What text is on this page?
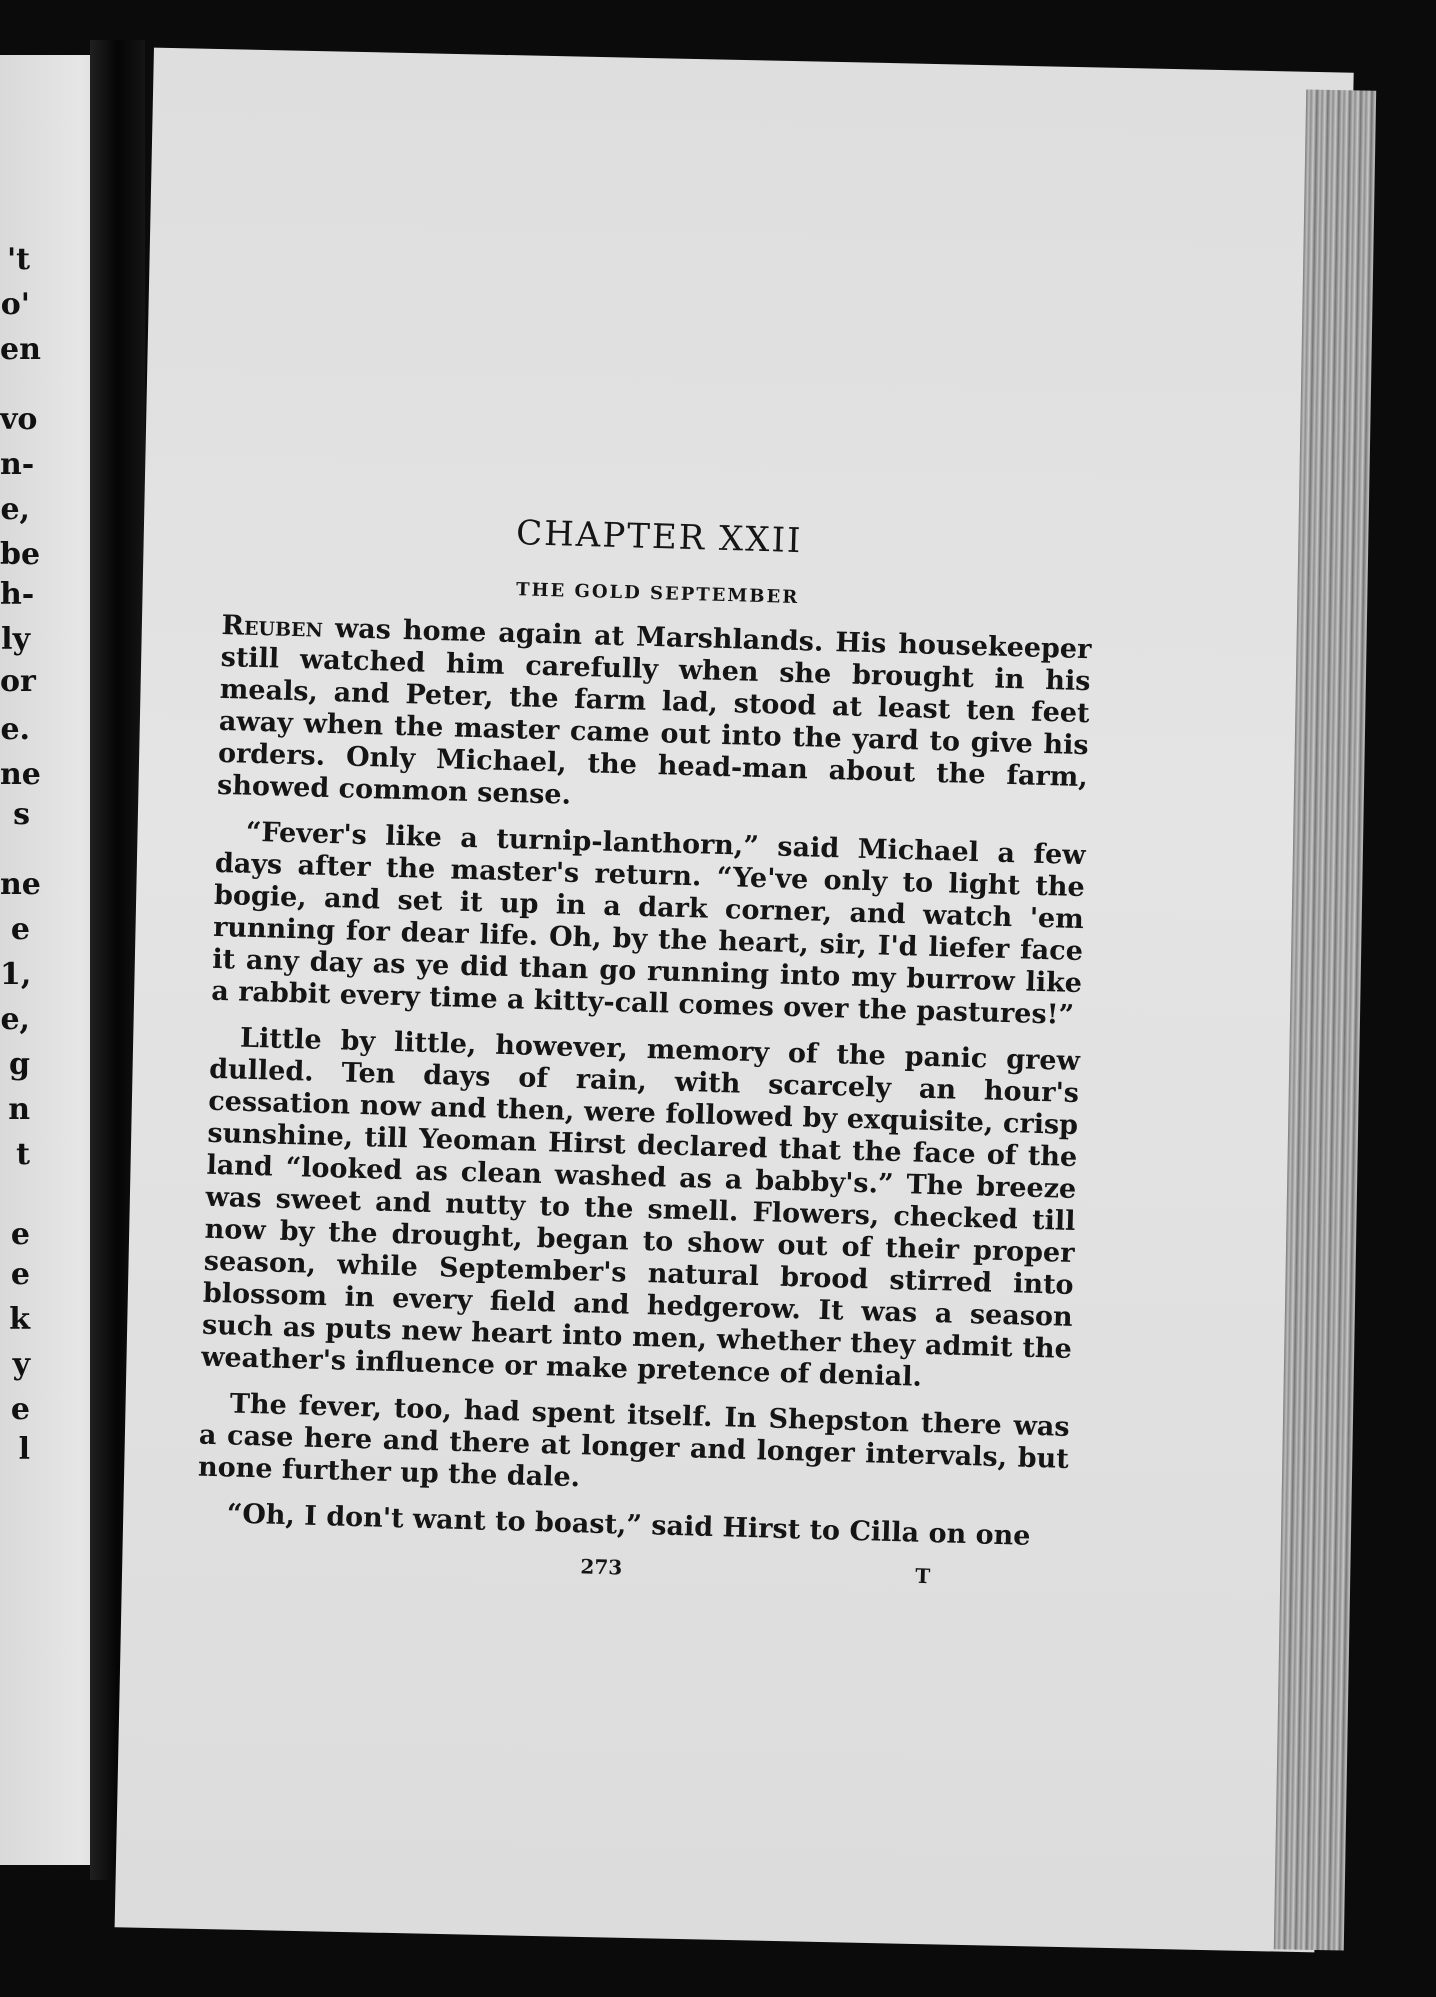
't
o'
en
vo
n-
e,
be
h-
ly
or
e.
ne
s
ne
e
1,
e,
g
n
t
e
e
k
y
e
l
CHAPTER XXII
THE GOLD SEPTEMBER

Reuben was home again at Marshlands. His housekeeper still watched him carefully when she brought in his meals, and Peter, the farm lad, stood at least ten feet away when the master came out into the yard to give his orders. Only Michael, the head-man about the farm, showed common sense.

“Fever's like a turnip-lanthorn,” said Michael a few days after the master's return. “Ye've only to light the bogie, and set it up in a dark corner, and watch 'em running for dear life. Oh, by the heart, sir, I'd liefer face it any day as ye did than go running into my burrow like a rabbit every time a kitty-call comes over the pastures!”

Little by little, however, memory of the panic grew dulled. Ten days of rain, with scarcely an hour's cessation now and then, were followed by exquisite, crisp sunshine, till Yeoman Hirst declared that the face of the land “looked as clean washed as a babby's.” The breeze was sweet and nutty to the smell. Flowers, checked till now by the drought, began to show out of their proper season, while September's natural brood stirred into blossom in every field and hedgerow. It was a season such as puts new heart into men, whether they admit the weather's influence or make pretence of denial.

The fever, too, had spent itself. In Shepston there was a case here and there at longer and longer intervals, but none further up the dale.

“Oh, I don't want to boast,” said Hirst to Cilla on one

273	T
